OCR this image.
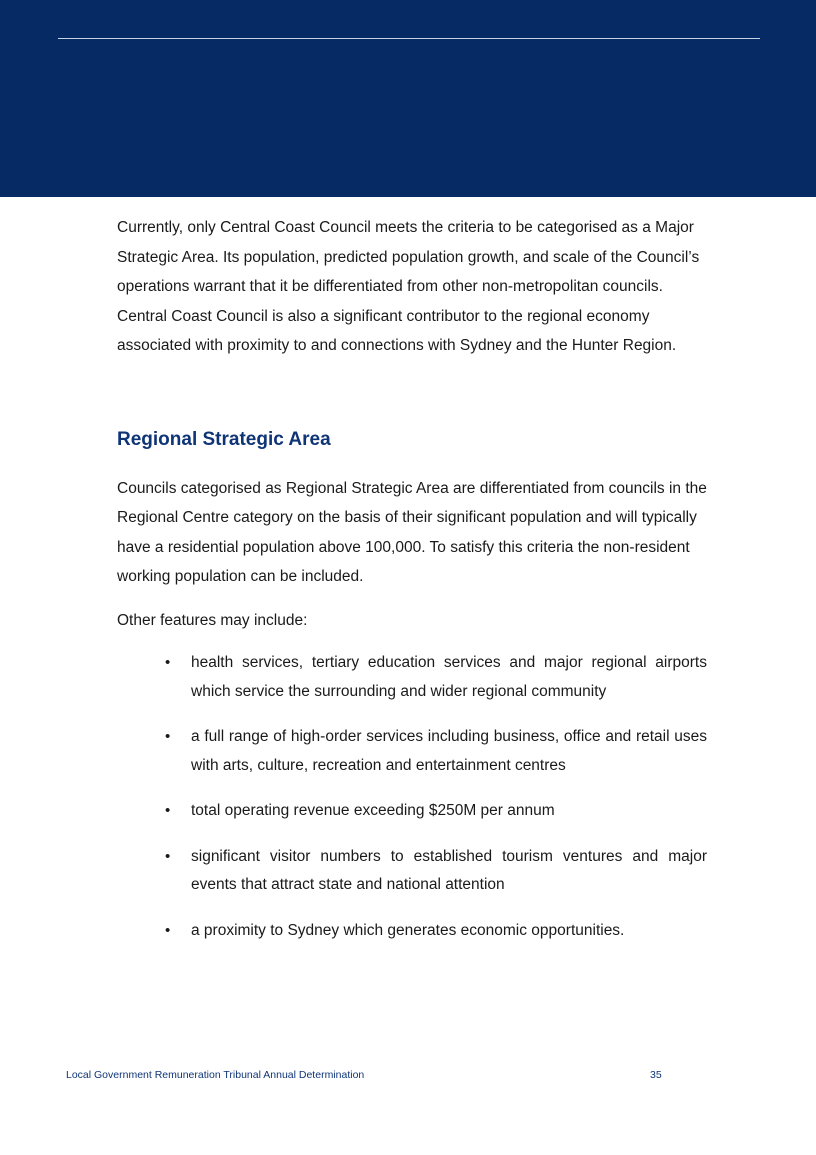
Currently, only Central Coast Council meets the criteria to be categorised as a Major Strategic Area. Its population, predicted population growth, and scale of the Council’s operations warrant that it be differentiated from other non-metropolitan councils. Central Coast Council is also a significant contributor to the regional economy associated with proximity to and connections with Sydney and the Hunter Region.

Regional Strategic Area

Councils categorised as Regional Strategic Area are differentiated from councils in the Regional Centre category on the basis of their significant population and will typically have a residential population above 100,000. To satisfy this criteria the non-resident working population can be included.

Other features may include:

• health services, tertiary education services and major regional airports which service the surrounding and wider regional community
• a full range of high-order services including business, office and retail uses with arts, culture, recreation and entertainment centres
• total operating revenue exceeding $250M per annum
• significant visitor numbers to established tourism ventures and major events that attract state and national attention
• a proximity to Sydney which generates economic opportunities.
Local Government Remuneration Tribunal Annual Determination	35
